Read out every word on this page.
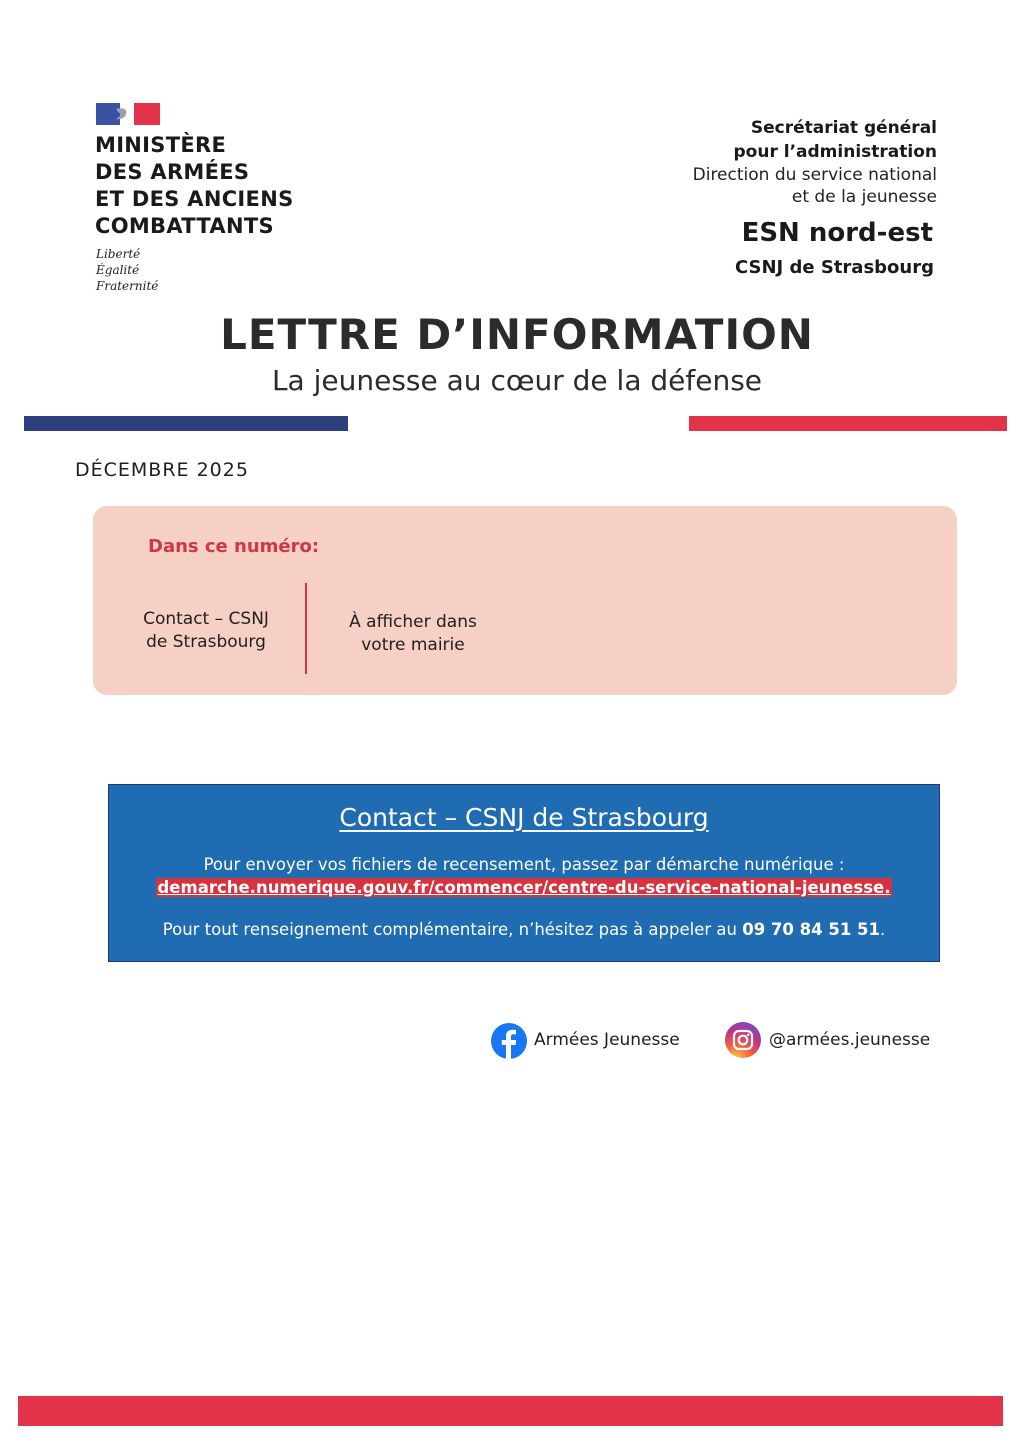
MINISTÈRE
DES ARMÉES
ET DES ANCIENS
COMBATTANTS
Liberté
Égalité
Fraternité
Secrétariat général
pour l’administration
Direction du service national
et de la jeunesse
ESN nord-est
CSNJ de Strasbourg
LETTRE D’INFORMATION
La jeunesse au cœur de la défense
DÉCEMBRE 2025
Dans ce numéro:
Contact – CSNJ
de Strasbourg
À afficher dans
votre mairie
Contact – CSNJ de Strasbourg
Pour envoyer vos fichiers de recensement, passez par démarche numérique :
demarche.numerique.gouv.fr/commencer/centre-du-service-national-jeunesse.
Pour tout renseignement complémentaire, n’hésitez pas à appeler au 09 70 84 51 51.
Armées Jeunesse	@armées.jeunesse
